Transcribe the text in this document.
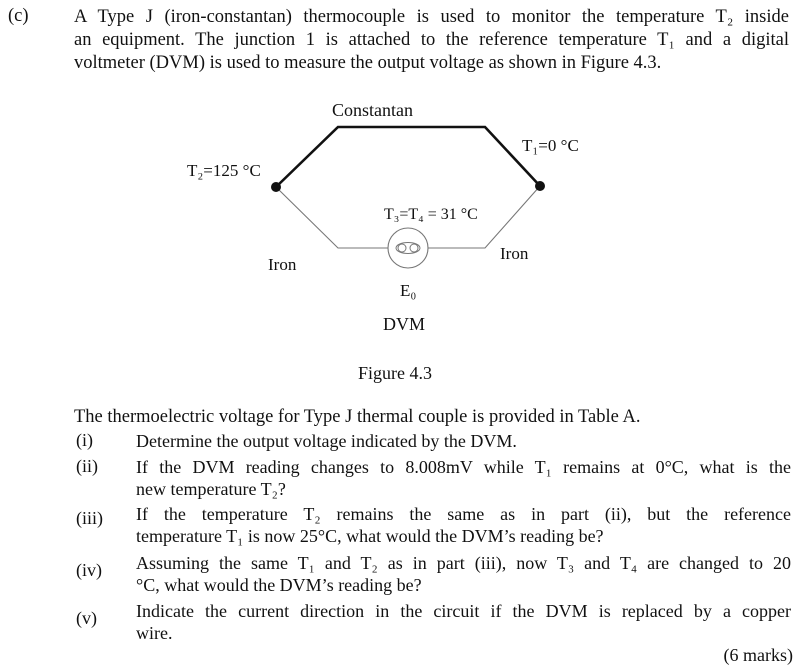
(c) A Type J (iron-constantan) thermocouple is used to monitor the temperature T₂ inside
an equipment. The junction 1 is attached to the reference temperature T₁ and a digital
voltmeter (DVM) is used to measure the output voltage as shown in Figure 4.3.
Constantan
T₁=0 °C
T₂=125 °C
T₃=T₄ = 31 °C
Iron
Iron
E₀
DVM
Figure 4.3
The thermoelectric voltage for Type J thermal couple is provided in Table A.
(i) Determine the output voltage indicated by the DVM.
(ii) If the DVM reading changes to 8.008mV while T₁ remains at 0°C, what is the
new temperature T₂?
(iii) If the temperature T₂ remains the same as in part (ii), but the reference
temperature T₁ is now 25°C, what would the DVM’s reading be?
(iv) Assuming the same T₁ and T₂ as in part (iii), now T₃ and T₄ are changed to 20
°C, what would the DVM’s reading be?
(v) Indicate the current direction in the circuit if the DVM is replaced by a copper
wire.
(6 marks)
